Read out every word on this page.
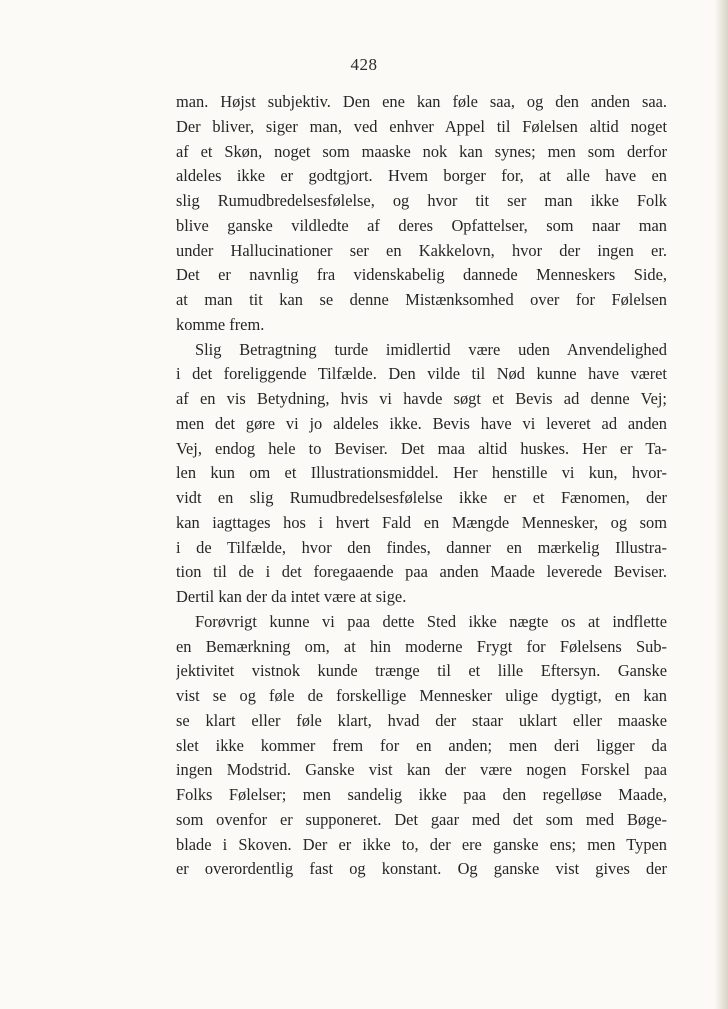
428
man. Højst subjektiv. Den ene kan føle saa, og den anden saa.
Der bliver, siger man, ved enhver Appel til Følelsen altid noget
af et Skøn, noget som maaske nok kan synes; men som derfor
aldeles ikke er godtgjort. Hvem borger for, at alle have en
slig Rumudbredelsesfølelse, og hvor tit ser man ikke Folk
blive ganske vildledte af deres Opfattelser, som naar man
under Hallucinationer ser en Kakkelovn, hvor der ingen er.
Det er navnlig fra videnskabelig dannede Menneskers Side,
at man tit kan se denne Mistænksomhed over for Følelsen
komme frem.
Slig Betragtning turde imidlertid være uden Anvendelighed
i det foreliggende Tilfælde. Den vilde til Nød kunne have været
af en vis Betydning, hvis vi havde søgt et Bevis ad denne Vej;
men det gøre vi jo aldeles ikke. Bevis have vi leveret ad anden
Vej, endog hele to Beviser. Det maa altid huskes. Her er Ta-
len kun om et Illustrationsmiddel. Her henstille vi kun, hvor-
vidt en slig Rumudbredelsesfølelse ikke er et Fænomen, der
kan iagttages hos i hvert Fald en Mængde Mennesker, og som
i de Tilfælde, hvor den findes, danner en mærkelig Illustra-
tion til de i det foregaaende paa anden Maade leverede Beviser.
Dertil kan der da intet være at sige.
Forøvrigt kunne vi paa dette Sted ikke nægte os at indflette
en Bemærkning om, at hin moderne Frygt for Følelsens Sub-
jektivitet vistnok kunde trænge til et lille Eftersyn. Ganske
vist se og føle de forskellige Mennesker ulige dygtigt, en kan
se klart eller føle klart, hvad der staar uklart eller maaske
slet ikke kommer frem for en anden; men deri ligger da
ingen Modstrid. Ganske vist kan der være nogen Forskel paa
Folks Følelser; men sandelig ikke paa den regelløse Maade,
som ovenfor er supponeret. Det gaar med det som med Bøge-
blade i Skoven. Der er ikke to, der ere ganske ens; men Typen
er overordentlig fast og konstant. Og ganske vist gives der
